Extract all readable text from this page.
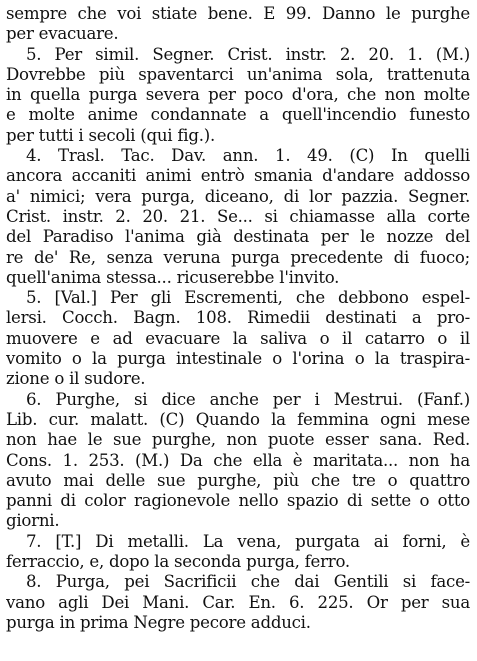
sempre che voi stiate bene. E 99. Danno le purghe
per evacuare.
5. Per simil. Segner. Crist. instr. 2. 20. 1. (M.)
Dovrebbe più spaventarci un'anima sola, trattenuta
in quella purga severa per poco d'ora, che non molte
e molte anime condannate a quell'incendio funesto
per tutti i secoli (qui fig.).
4. Trasl. Tac. Dav. ann. 1. 49. (C) In quelli
ancora accaniti animi entrò smania d'andare addosso
a' nimici; vera purga, diceano, di lor pazzia. Segner.
Crist. instr. 2. 20. 21. Se... si chiamasse alla corte
del Paradiso l'anima già destinata per le nozze del
re de' Re, senza veruna purga precedente di fuoco;
quell'anima stessa... ricuserebbe l'invito.
5. [Val.] Per gli Escrementi, che debbono espel-
lersi. Cocch. Bagn. 108. Rimedii destinati a pro-
muovere e ad evacuare la saliva o il catarro o il
vomito o la purga intestinale o l'orina o la traspira-
zione o il sudore.
6. Purghe, si dice anche per i Mestrui. (Fanf.)
Lib. cur. malatt. (C) Quando la femmina ogni mese
non hae le sue purghe, non puote esser sana. Red.
Cons. 1. 253. (M.) Da che ella è maritata... non ha
avuto mai delle sue purghe, più che tre o quattro
panni di color ragionevole nello spazio di sette o otto
giorni.
7. [T.] Di metalli. La vena, purgata ai forni, è
ferraccio, e, dopo la seconda purga, ferro.
8. Purga, pei Sacrificii che dai Gentili si face-
vano agli Dei Mani. Car. En. 6. 225. Or per sua
purga in prima Negre pecore adduci.
